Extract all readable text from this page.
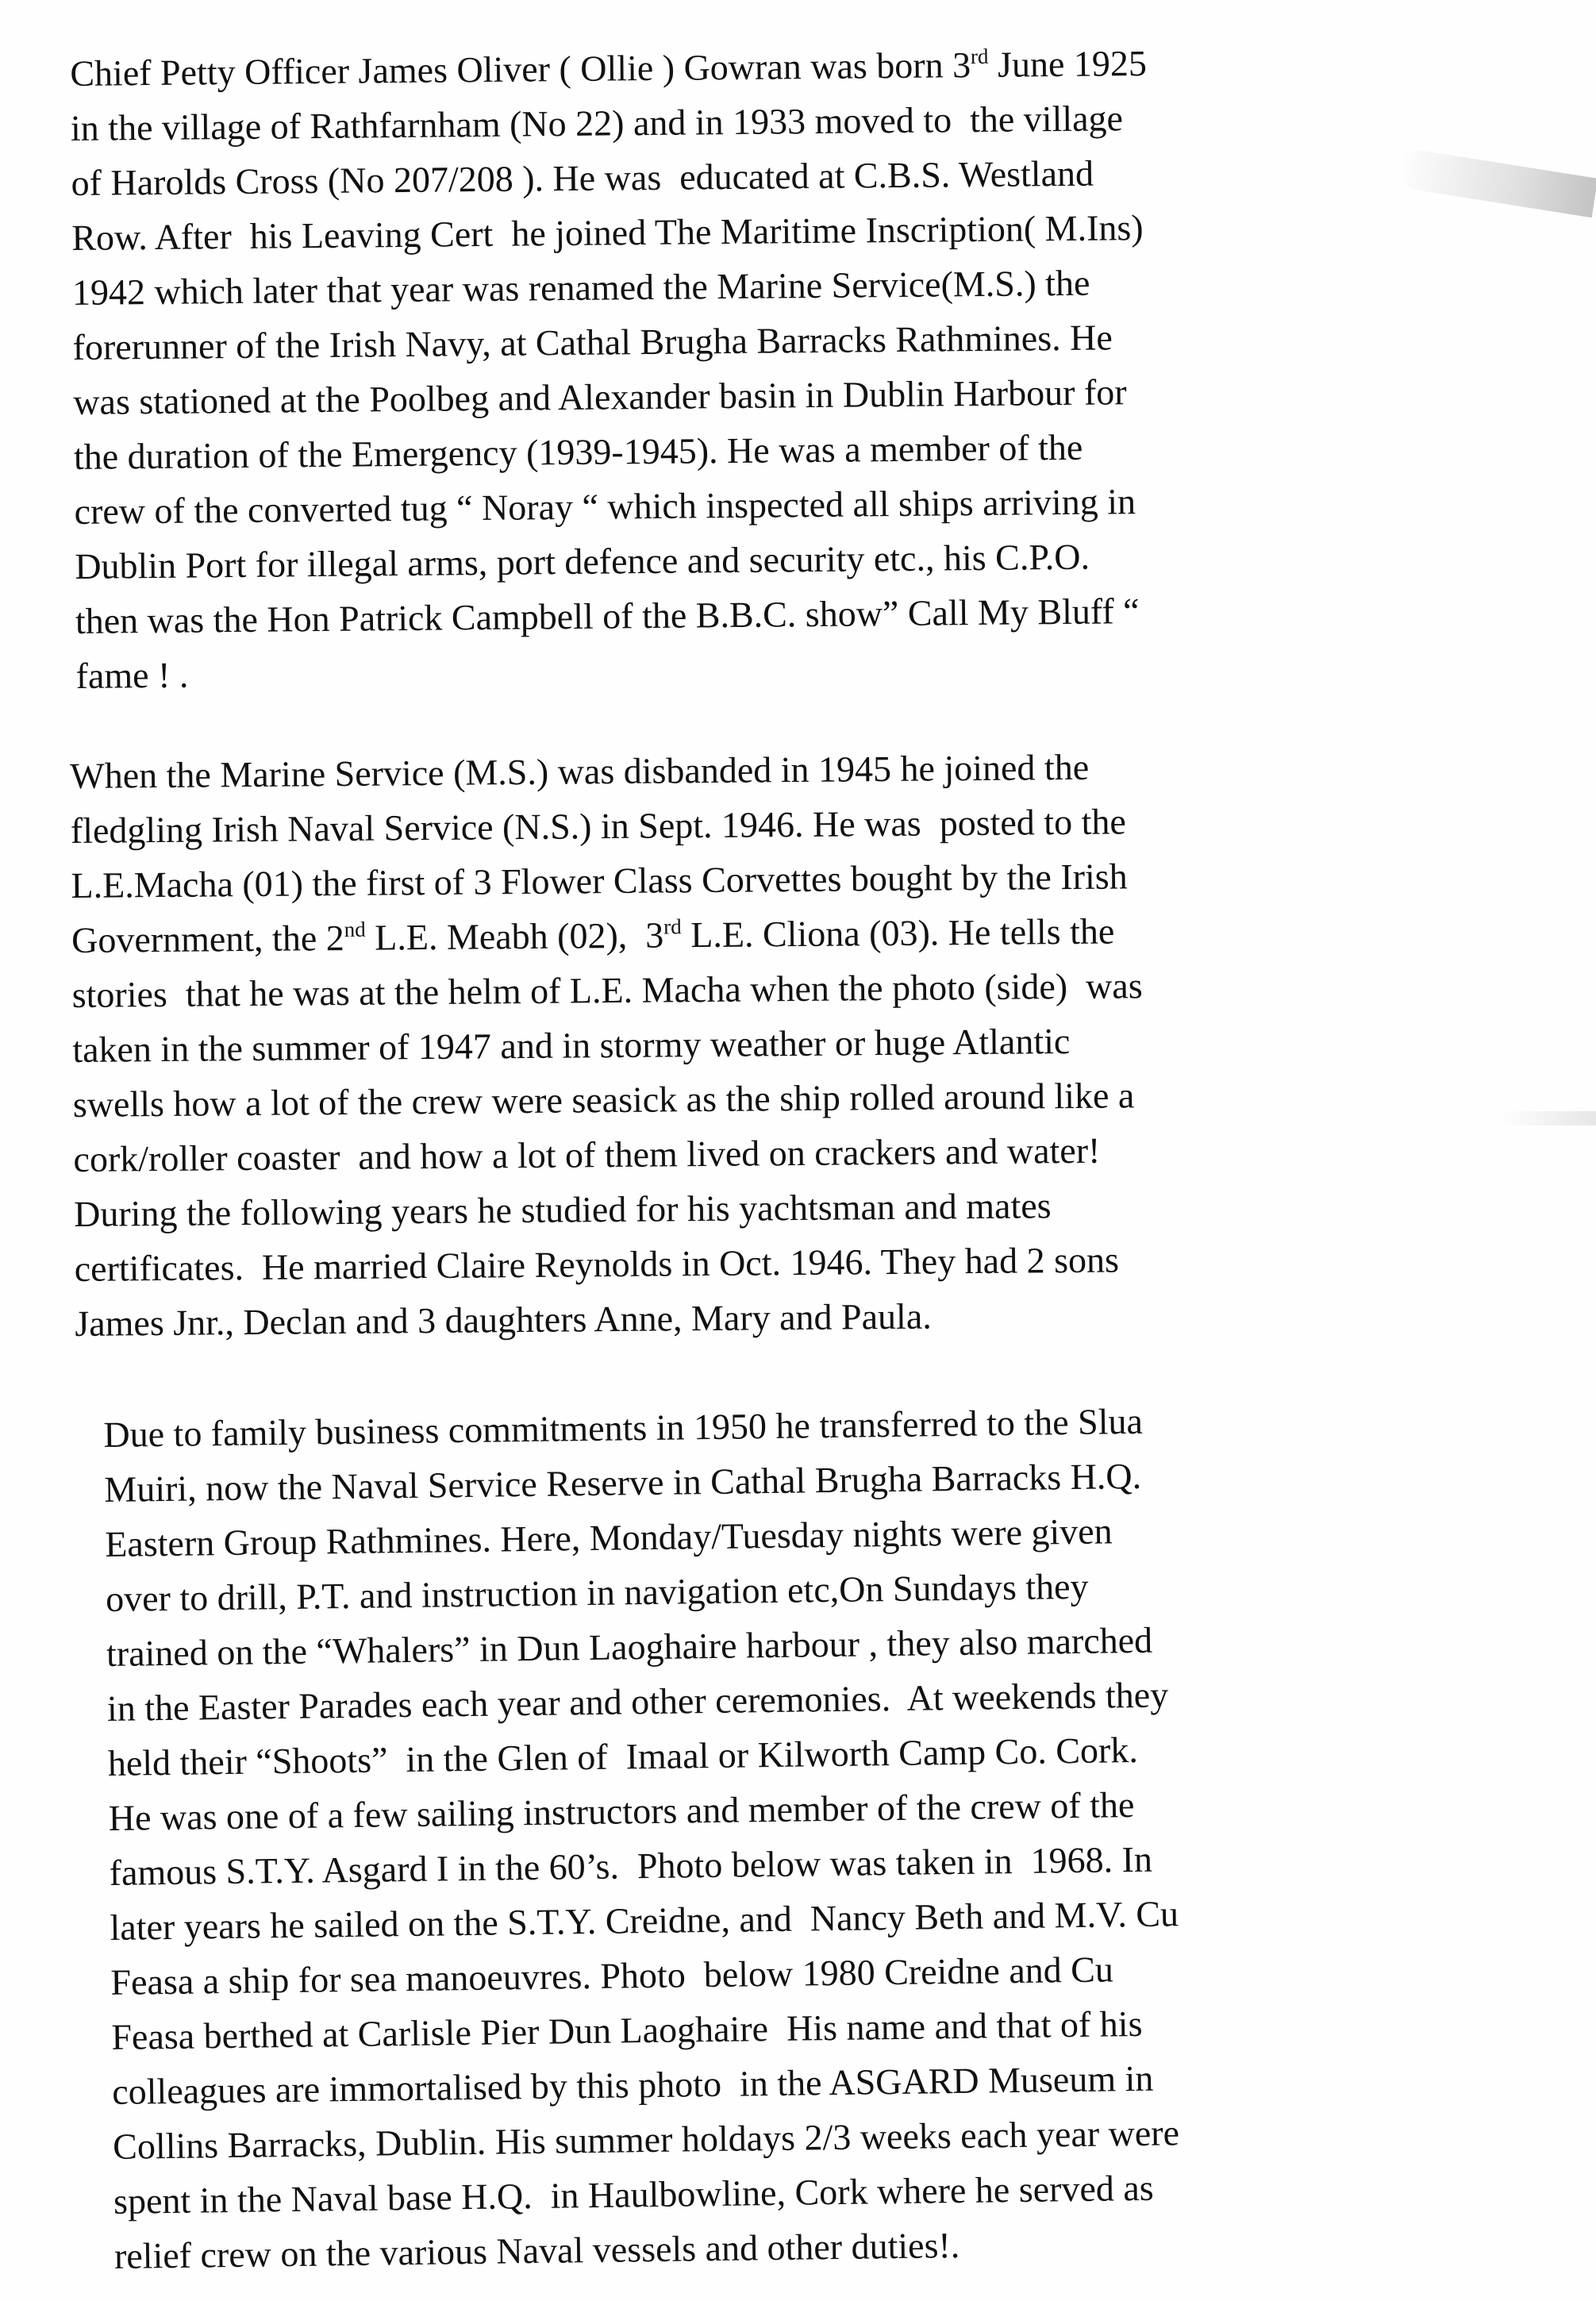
Chief Petty Officer James Oliver ( Ollie ) Gowran was born 3rd June 1925
in the village of Rathfarnham (No 22) and in 1933 moved to  the village
of Harolds Cross (No 207/208 ). He was  educated at C.B.S. Westland
Row. After  his Leaving Cert  he joined The Maritime Inscription( M.Ins)
1942 which later that year was renamed the Marine Service(M.S.) the
forerunner of the Irish Navy, at Cathal Brugha Barracks Rathmines. He
was stationed at the Poolbeg and Alexander basin in Dublin Harbour for
the duration of the Emergency (1939-1945). He was a member of the
crew of the converted tug “ Noray “ which inspected all ships arriving in
Dublin Port for illegal arms, port defence and security etc., his C.P.O.
then was the Hon Patrick Campbell of the B.B.C. show” Call My Bluff “
fame ! .
When the Marine Service (M.S.) was disbanded in 1945 he joined the
fledgling Irish Naval Service (N.S.) in Sept. 1946. He was  posted to the
L.E.Macha (01) the first of 3 Flower Class Corvettes bought by the Irish
Government, the 2nd L.E. Meabh (02),  3rd L.E. Cliona (03). He tells the
stories  that he was at the helm of L.E. Macha when the photo (side)  was
taken in the summer of 1947 and in stormy weather or huge Atlantic
swells how a lot of the crew were seasick as the ship rolled around like a
cork/roller coaster  and how a lot of them lived on crackers and water!
During the following years he studied for his yachtsman and mates
certificates.  He married Claire Reynolds in Oct. 1946. They had 2 sons
James Jnr., Declan and 3 daughters Anne, Mary and Paula.
Due to family business commitments in 1950 he transferred to the Slua
Muiri, now the Naval Service Reserve in Cathal Brugha Barracks H.Q.
Eastern Group Rathmines. Here, Monday/Tuesday nights were given
over to drill, P.T. and instruction in navigation etc,On Sundays they
trained on the “Whalers” in Dun Laoghaire harbour , they also marched
in the Easter Parades each year and other ceremonies.  At weekends they
held their “Shoots”  in the Glen of  Imaal or Kilworth Camp Co. Cork.
He was one of a few sailing instructors and member of the crew of the
famous S.T.Y. Asgard I in the 60’s.  Photo below was taken in  1968. In
later years he sailed on the S.T.Y. Creidne, and  Nancy Beth and M.V. Cu
Feasa a ship for sea manoeuvres. Photo  below 1980 Creidne and Cu
Feasa berthed at Carlisle Pier Dun Laoghaire  His name and that of his
colleagues are immortalised by this photo  in the ASGARD Museum in
Collins Barracks, Dublin. His summer holdays 2/3 weeks each year were
spent in the Naval base H.Q.  in Haulbowline, Cork where he served as
relief crew on the various Naval vessels and other duties!.
